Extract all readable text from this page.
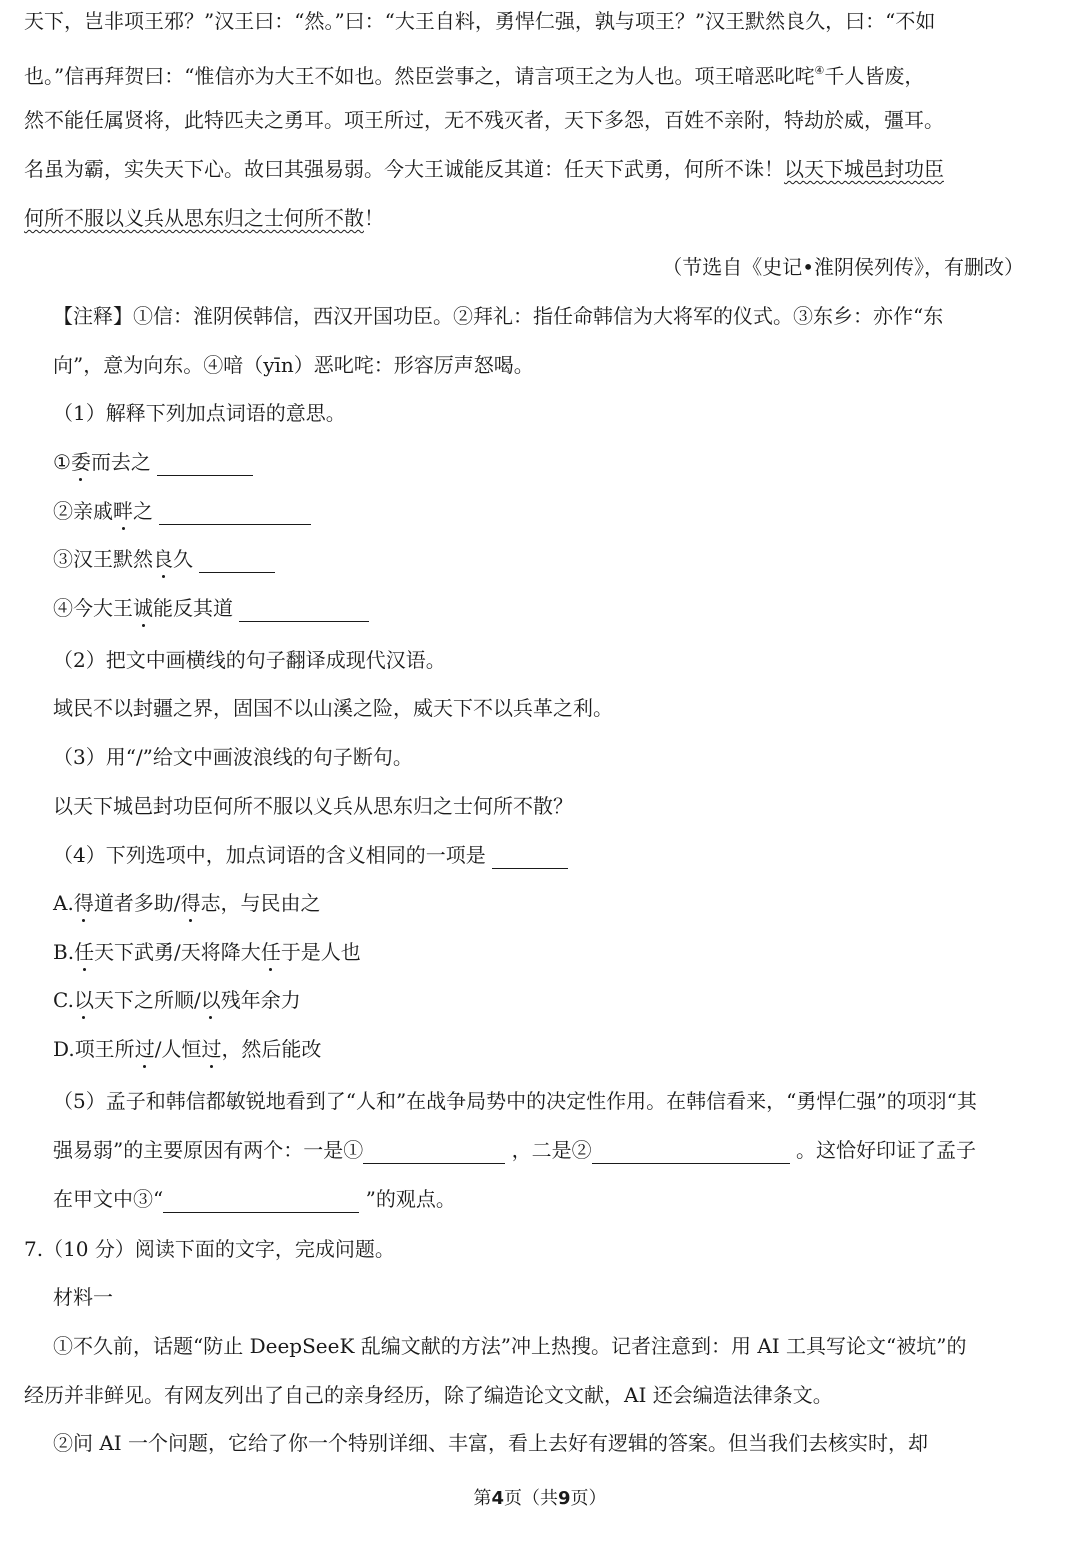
天下，岂非项王邪？”汉王曰：“然。”曰：“大王自料，勇悍仁强，孰与项王？”汉王默然良久，曰：“不如
也。”信再拜贺曰：“惟信亦为大王不如也。然臣尝事之，请言项王之为人也。项王喑恶叱咤④千人皆废，
然不能任属贤将，此特匹夫之勇耳。项王所过，无不残灭者，天下多怨，百姓不亲附，特劫於威，彊耳。
名虽为霸，实失天下心。故曰其强易弱。今大王诚能反其道：任天下武勇，何所不诛！以天下城邑封功臣
何所不服以义兵从思东归之士何所不散！
（节选自《史记•淮阴侯列传》，有删改）
【注释】①信：淮阴侯韩信，西汉开国功臣。②拜礼：指任命韩信为大将军的仪式。③东乡：亦作“东
向”，意为向东。④喑（yīn）恶叱咤：形容厉声怒喝。
（1）解释下列加点词语的意思。
①委而去之
②亲戚畔之
③汉王默然良久
④今大王诚能反其道
（2）把文中画横线的句子翻译成现代汉语。
域民不以封疆之界，固国不以山溪之险，威天下不以兵革之利。
（3）用“/”给文中画波浪线的句子断句。
以天下城邑封功臣何所不服以义兵从思东归之士何所不散？
（4）下列选项中，加点词语的含义相同的一项是
A.得道者多助/得志，与民由之
B.任天下武勇/天将降大任于是人也
C.以天下之所顺/以残年余力
D.项王所过/人恒过，然后能改
（5）孟子和韩信都敏锐地看到了“人和”在战争局势中的决定性作用。在韩信看来，“勇悍仁强”的项羽“其
强易弱”的主要原因有两个：一是①	，二是②	。这恰好印证了孟子
在甲文中③“	”的观点。
7.（10 分）阅读下面的文字，完成问题。
材料一
①不久前，话题“防止 DeepSeeK 乱编文献的方法”冲上热搜。记者注意到：用 AI 工具写论文“被坑”的
经历并非鲜见。有网友列出了自己的亲身经历，除了编造论文文献，AI 还会编造法律条文。
②问 AI 一个问题，它给了你一个特别详细、丰富，看上去好有逻辑的答案。但当我们去核实时，却
第4页（共9页）
